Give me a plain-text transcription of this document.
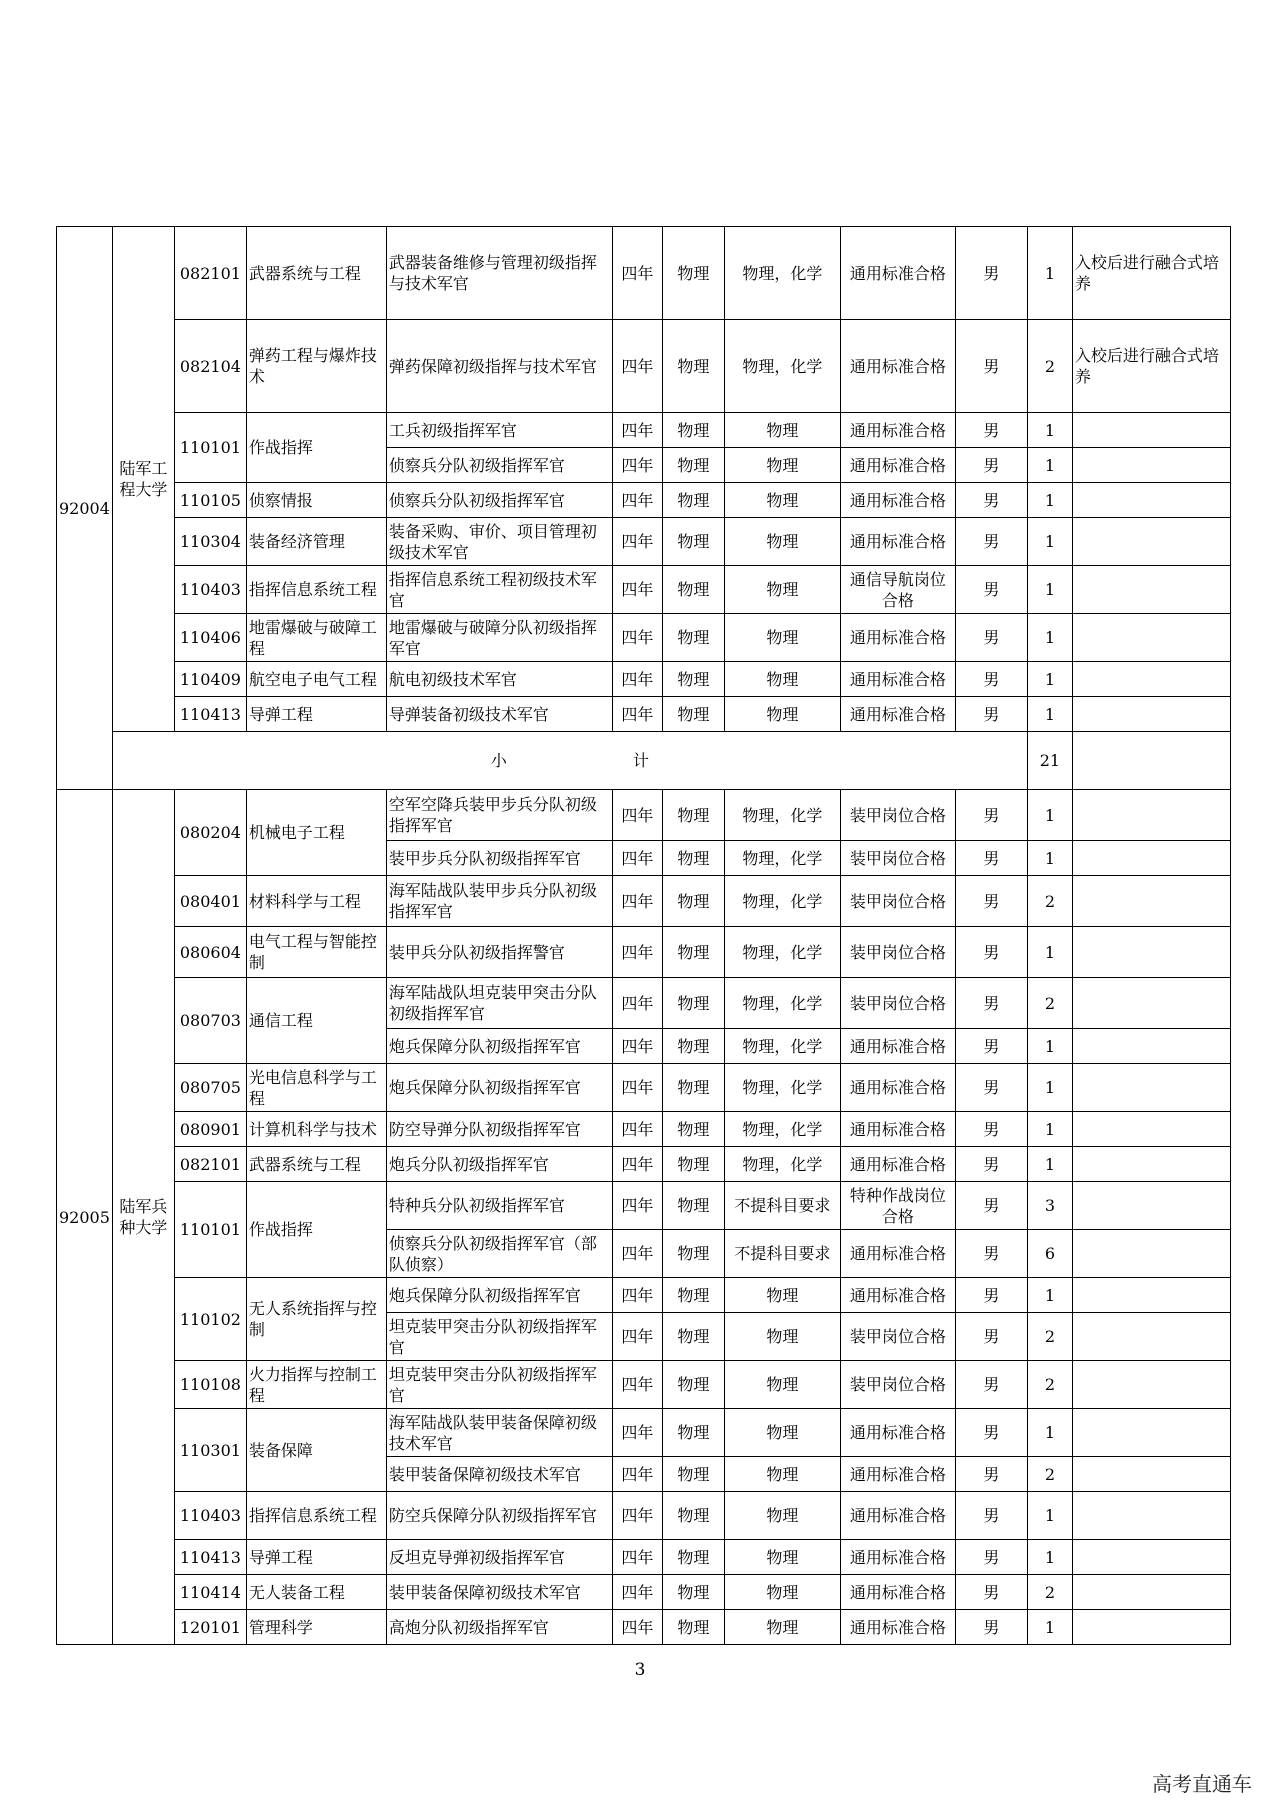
92004	陆军工程大学	082101	武器系统与工程	武器装备维修与管理初级指挥与技术军官	四年	物理	物理，化学	通用标准合格	男	1	入校后进行融合式培养
		082104	弹药工程与爆炸技术	弹药保障初级指挥与技术军官	四年	物理	物理，化学	通用标准合格	男	2	入校后进行融合式培养
		110101	作战指挥	工兵初级指挥军官	四年	物理	物理	通用标准合格	男	1	
				侦察兵分队初级指挥军官	四年	物理	物理	通用标准合格	男	1	
		110105	侦察情报	侦察兵分队初级指挥军官	四年	物理	物理	通用标准合格	男	1	
		110304	装备经济管理	装备采购、审价、项目管理初级技术军官	四年	物理	物理	通用标准合格	男	1	
		110403	指挥信息系统工程	指挥信息系统工程初级技术军官	四年	物理	物理	通信导航岗位合格	男	1	
		110406	地雷爆破与破障工程	地雷爆破与破障分队初级指挥军官	四年	物理	物理	通用标准合格	男	1	
		110409	航空电子电气工程	航电初级技术军官	四年	物理	物理	通用标准合格	男	1	
		110413	导弹工程	导弹装备初级技术军官	四年	物理	物理	通用标准合格	男	1	
	小 计									21	
92005	陆军兵种大学	080204	机械电子工程	空军空降兵装甲步兵分队初级指挥军官	四年	物理	物理，化学	装甲岗位合格	男	1	
				装甲步兵分队初级指挥军官	四年	物理	物理，化学	装甲岗位合格	男	1	
		080401	材料科学与工程	海军陆战队装甲步兵分队初级指挥军官	四年	物理	物理，化学	装甲岗位合格	男	2	
		080604	电气工程与智能控制	装甲兵分队初级指挥警官	四年	物理	物理，化学	装甲岗位合格	男	1	
		080703	通信工程	海军陆战队坦克装甲突击分队初级指挥军官	四年	物理	物理，化学	装甲岗位合格	男	2	
				炮兵保障分队初级指挥军官	四年	物理	物理，化学	通用标准合格	男	1	
		080705	光电信息科学与工程	炮兵保障分队初级指挥军官	四年	物理	物理，化学	通用标准合格	男	1	
		080901	计算机科学与技术	防空导弹分队初级指挥军官	四年	物理	物理，化学	通用标准合格	男	1	
		082101	武器系统与工程	炮兵分队初级指挥军官	四年	物理	物理，化学	通用标准合格	男	1	
		110101	作战指挥	特种兵分队初级指挥军官	四年	物理	不提科目要求	特种作战岗位合格	男	3	
				侦察兵分队初级指挥军官（部队侦察）	四年	物理	不提科目要求	通用标准合格	男	6	
		110102	无人系统指挥与控制	炮兵保障分队初级指挥军官	四年	物理	物理	通用标准合格	男	1	
				坦克装甲突击分队初级指挥军官	四年	物理	物理	装甲岗位合格	男	2	
		110108	火力指挥与控制工程	坦克装甲突击分队初级指挥军官	四年	物理	物理	装甲岗位合格	男	2	
		110301	装备保障	海军陆战队装甲装备保障初级技术军官	四年	物理	物理	通用标准合格	男	1	
				装甲装备保障初级技术军官	四年	物理	物理	通用标准合格	男	2	
		110403	指挥信息系统工程	防空兵保障分队初级指挥军官	四年	物理	物理	通用标准合格	男	1	
		110413	导弹工程	反坦克导弹初级指挥军官	四年	物理	物理	通用标准合格	男	1	
		110414	无人装备工程	装甲装备保障初级技术军官	四年	物理	物理	通用标准合格	男	2	
		120101	管理科学	高炮分队初级指挥军官	四年	物理	物理	通用标准合格	男	1	
3
高考直通车
